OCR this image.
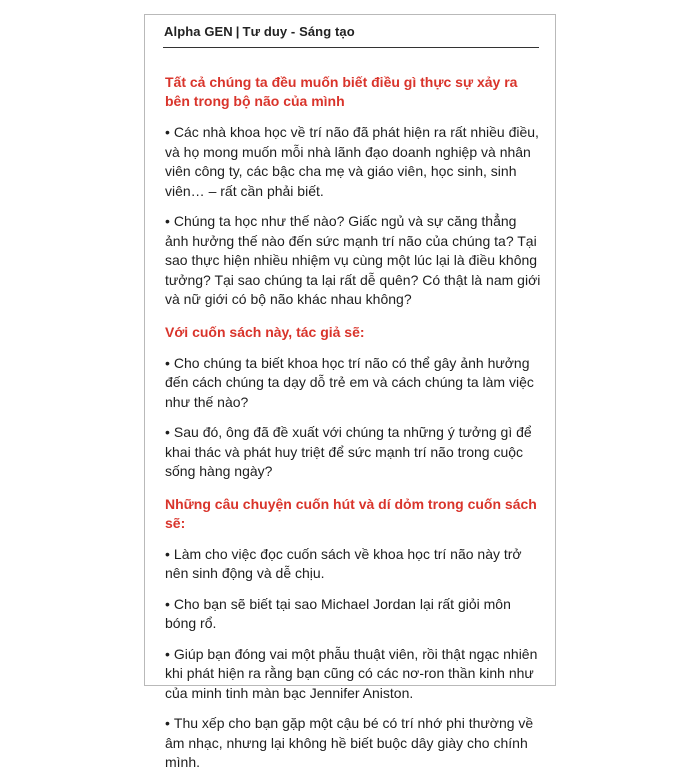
Alpha GEN | Tư duy - Sáng tạo
Tất cả chúng ta đều muốn biết điều gì thực sự xảy ra bên trong bộ não của mình
• Các nhà khoa học về trí não đã phát hiện ra rất nhiều điều, và họ mong muốn mỗi nhà lãnh đạo doanh nghiệp và nhân viên công ty, các bậc cha mẹ và giáo viên, học sinh, sinh viên… – rất cần phải biết.
• Chúng ta học như thế nào? Giấc ngủ và sự căng thẳng ảnh hưởng thế nào đến sức mạnh trí não của chúng ta? Tại sao thực hiện nhiều nhiệm vụ cùng một lúc lại là điều không tưởng? Tại sao chúng ta lại rất dễ quên? Có thật là nam giới và nữ giới có bộ não khác nhau không?
Với cuốn sách này, tác giả sẽ:
• Cho chúng ta biết khoa học trí não có thể gây ảnh hưởng đến cách chúng ta dạy dỗ trẻ em và cách chúng ta làm việc như thế nào?
• Sau đó, ông đã đề xuất với chúng ta những ý tưởng gì để khai thác và phát huy triệt để sức mạnh trí não trong cuộc sống hàng ngày?
Những câu chuyện cuốn hút và dí dỏm trong cuốn sách sẽ:
• Làm cho việc đọc cuốn sách về khoa học trí não này trở nên sinh động và dễ chịu.
• Cho bạn sẽ biết tại sao Michael Jordan lại rất giỏi môn bóng rổ.
• Giúp bạn đóng vai một phẫu thuật viên, rồi thật ngạc nhiên khi phát hiện ra rằng bạn cũng có các nơ-ron thần kinh như của minh tinh màn bạc Jennifer Aniston.
• Thu xếp cho bạn gặp một cậu bé có trí nhớ phi thường về âm nhạc, nhưng lại không hề biết buộc dây giày cho chính mình.
